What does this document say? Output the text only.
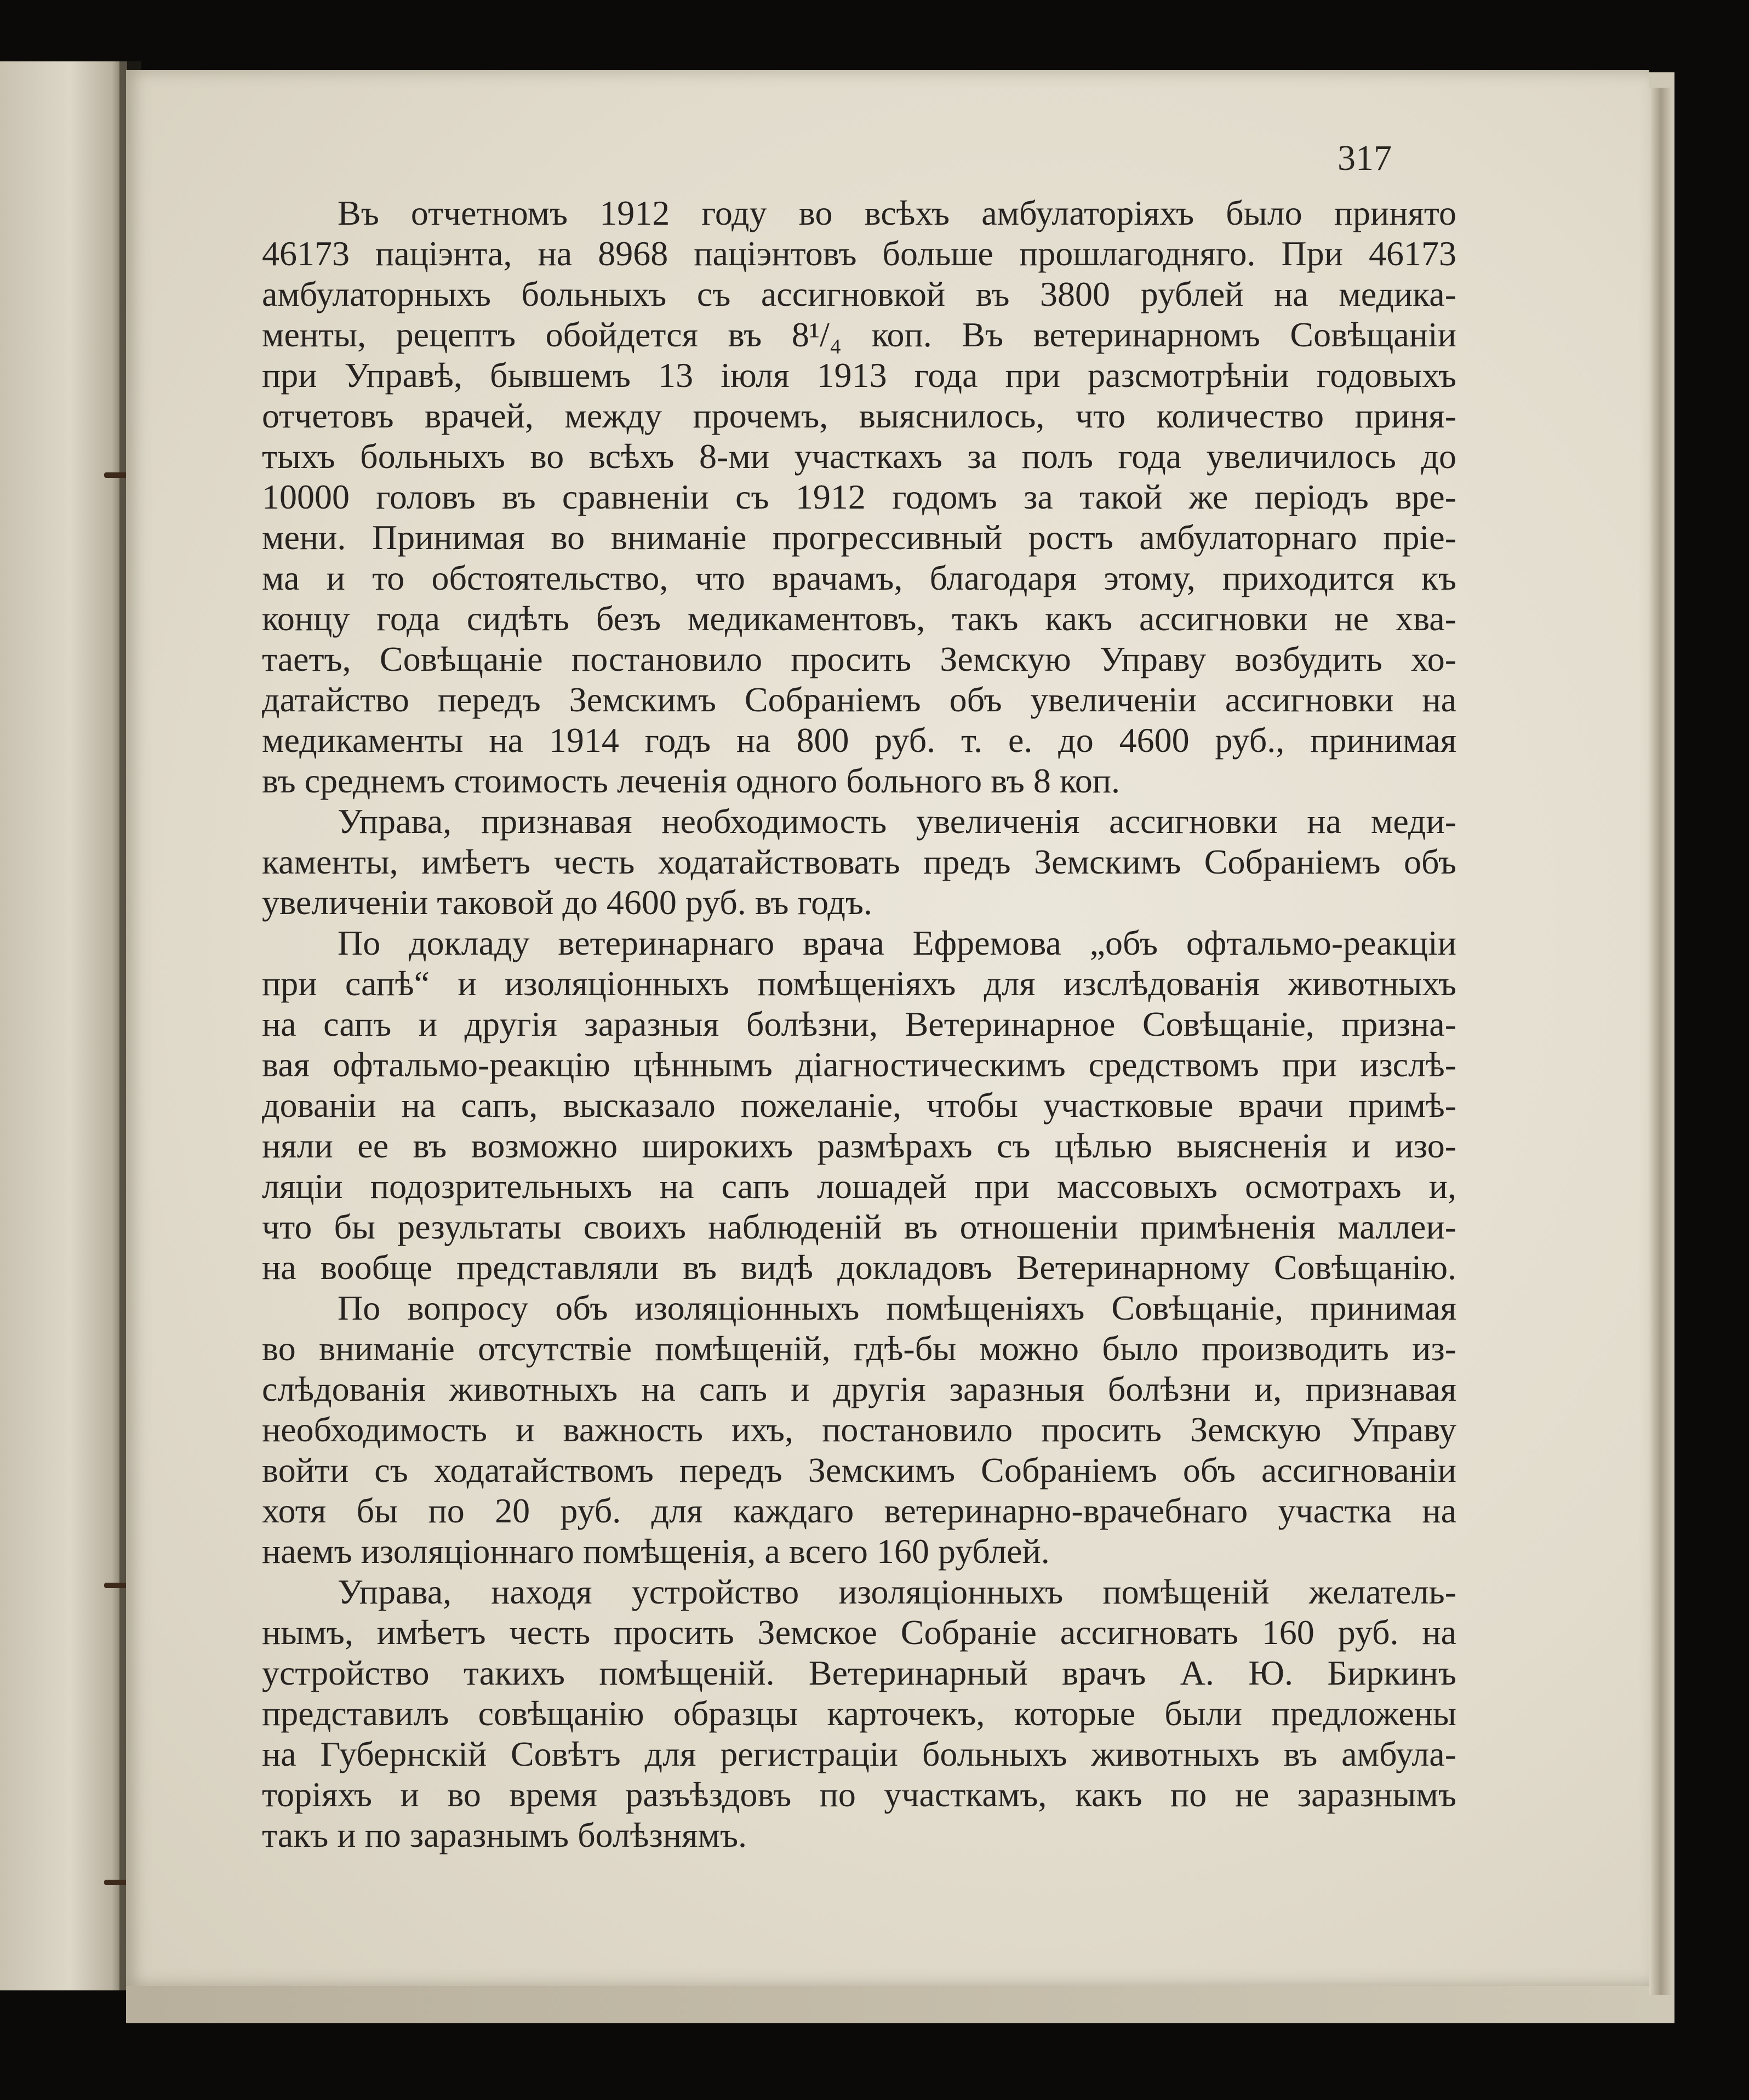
317
Въ отчетномъ 1912 году во всѣхъ амбулаторіяхъ было принято
46173 паціэнта, на 8968 паціэнтовъ больше прошлагодняго. При 46173
амбулаторныхъ больныхъ съ ассигновкой въ 3800 рублей на медика-
менты, рецептъ обойдется въ 8¹/₄ коп. Въ ветеринарномъ Совѣщаніи
при Управѣ, бывшемъ 13 іюля 1913 года при разсмотрѣніи годовыхъ
отчетовъ врачей, между прочемъ, выяснилось, что количество приня-
тыхъ больныхъ во всѣхъ 8-ми участкахъ за полъ года увеличилось до
10000 головъ въ сравненіи съ 1912 годомъ за такой же періодъ вре-
мени. Принимая во вниманіе прогрессивный ростъ амбулаторнаго пріе-
ма и то обстоятельство, что врачамъ, благодаря этому, приходится къ
концу года сидѣть безъ медикаментовъ, такъ какъ ассигновки не хва-
таетъ, Совѣщаніе постановило просить Земскую Управу возбудить хо-
датайство передъ Земскимъ Собраніемъ объ увеличеніи ассигновки на
медикаменты на 1914 годъ на 800 руб. т. е. до 4600 руб., принимая
въ среднемъ стоимость леченія одного больного въ 8 коп.
Управа, признавая необходимость увеличенія ассигновки на меди-
каменты, имѣетъ честь ходатайствовать предъ Земскимъ Собраніемъ объ
увеличеніи таковой до 4600 руб. въ годъ.
По докладу ветеринарнаго врача Ефремова „объ офтальмо-реакціи
при сапѣ“ и изоляціонныхъ помѣщеніяхъ для изслѣдованія животныхъ
на сапъ и другія заразныя болѣзни, Ветеринарное Совѣщаніе, призна-
вая офтальмо-реакцію цѣннымъ діагностическимъ средствомъ при изслѣ-
дованіи на сапъ, высказало пожеланіе, чтобы участковые врачи примѣ-
няли ее въ возможно широкихъ размѣрахъ съ цѣлью выясненія и изо-
ляціи подозрительныхъ на сапъ лошадей при массовыхъ осмотрахъ и,
что бы результаты своихъ наблюденій въ отношеніи примѣненія маллеи-
на вообще представляли въ видѣ докладовъ Ветеринарному Совѣщанію.
По вопросу объ изоляціонныхъ помѣщеніяхъ Совѣщаніе, принимая
во вниманіе отсутствіе помѣщеній, гдѣ-бы можно было производить из-
слѣдованія животныхъ на сапъ и другія заразныя болѣзни и, признавая
необходимость и важность ихъ, постановило просить Земскую Управу
войти съ ходатайствомъ передъ Земскимъ Собраніемъ объ ассигнованіи
хотя бы по 20 руб. для каждаго ветеринарно-врачебнаго участка на
наемъ изоляціоннаго помѣщенія, а всего 160 рублей.
Управа, находя устройство изоляціонныхъ помѣщеній желатель-
нымъ, имѣетъ честь просить Земское Собраніе ассигновать 160 руб. на
устройство такихъ помѣщеній. Ветеринарный врачъ А. Ю. Биркинъ
представилъ совѣщанію образцы карточекъ, которые были предложены
на Губернскій Совѣтъ для регистраціи больныхъ животныхъ въ амбула-
торіяхъ и во время разъѣздовъ по участкамъ, какъ по не заразнымъ
такъ и по заразнымъ болѣзнямъ.
